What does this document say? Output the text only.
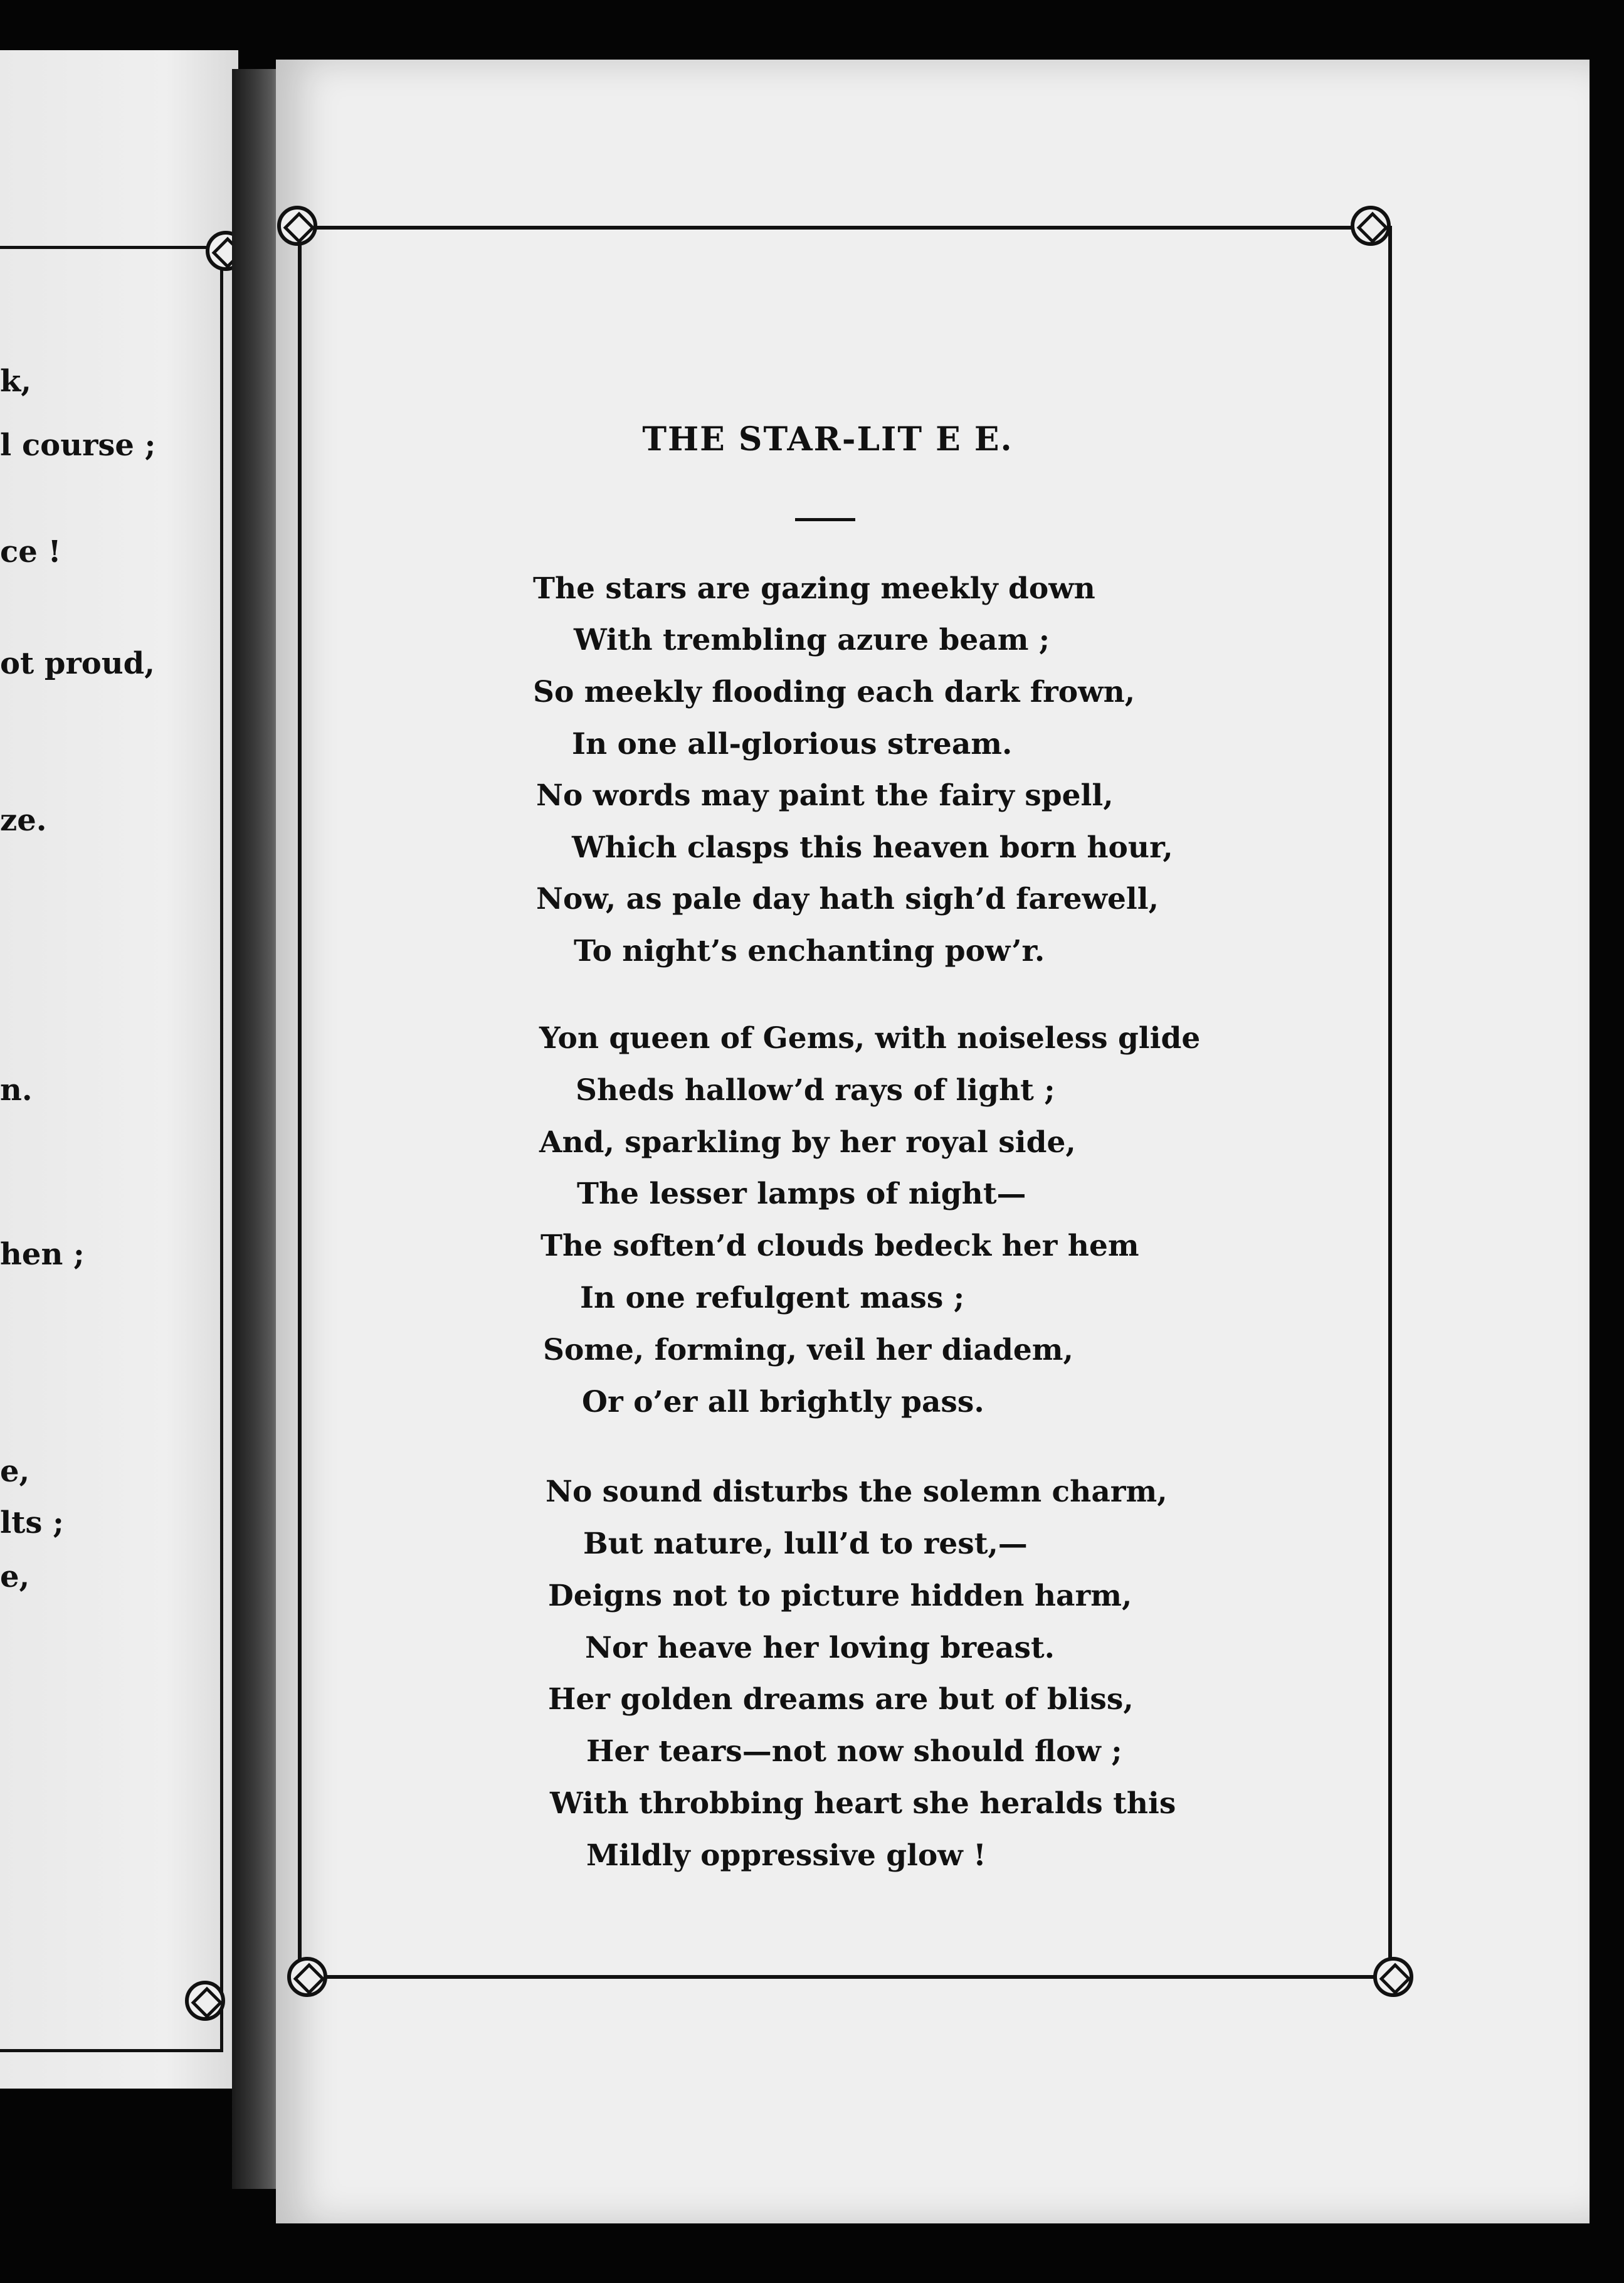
k,
l course ;
ce !
ot proud,
ze.
n.
hen ;
e,
lts ;
e,
THE STAR-LIT E E.
The stars are gazing meekly down
With trembling azure beam ;
So meekly flooding each dark frown,
In one all-glorious stream.
No words may paint the fairy spell,
Which clasps this heaven born hour,
Now, as pale day hath sigh’d farewell,
To night’s enchanting pow’r.
Yon queen of Gems, with noiseless glide
Sheds hallow’d rays of light ;
And, sparkling by her royal side,
The lesser lamps of night—
The soften’d clouds bedeck her hem
In one refulgent mass ;
Some, forming, veil her diadem,
Or o’er all brightly pass.
No sound disturbs the solemn charm,
But nature, lull’d to rest,—
Deigns not to picture hidden harm,
Nor heave her loving breast.
Her golden dreams are but of bliss,
Her tears—not now should flow ;
With throbbing heart she heralds this
Mildly oppressive glow !
